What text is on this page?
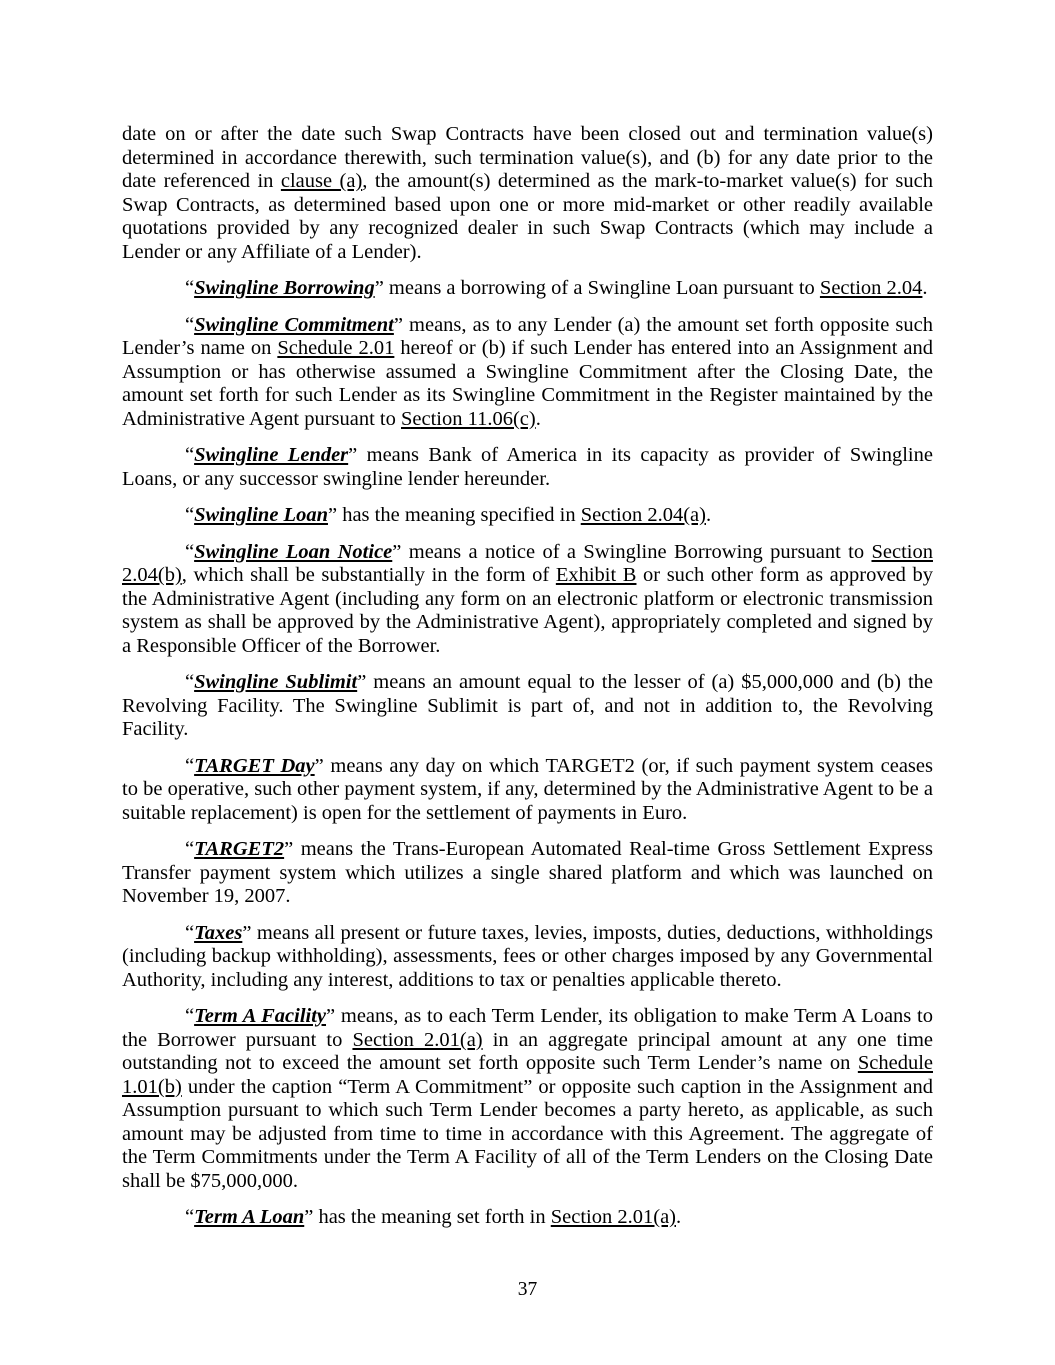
date on or after the date such Swap Contracts have been closed out and termination value(s) determined in accordance therewith, such termination value(s), and (b) for any date prior to the date referenced in clause (a), the amount(s) determined as the mark-to-market value(s) for such Swap Contracts, as determined based upon one or more mid-market or other readily available quotations provided by any recognized dealer in such Swap Contracts (which may include a Lender or any Affiliate of a Lender).

“Swingline Borrowing” means a borrowing of a Swingline Loan pursuant to Section 2.04.

“Swingline Commitment” means, as to any Lender (a) the amount set forth opposite such Lender’s name on Schedule 2.01 hereof or (b) if such Lender has entered into an Assignment and Assumption or has otherwise assumed a Swingline Commitment after the Closing Date, the amount set forth for such Lender as its Swingline Commitment in the Register maintained by the Administrative Agent pursuant to Section 11.06(c).

“Swingline Lender” means Bank of America in its capacity as provider of Swingline Loans, or any successor swingline lender hereunder.

“Swingline Loan” has the meaning specified in Section 2.04(a).

“Swingline Loan Notice” means a notice of a Swingline Borrowing pursuant to Section 2.04(b), which shall be substantially in the form of Exhibit B or such other form as approved by the Administrative Agent (including any form on an electronic platform or electronic transmission system as shall be approved by the Administrative Agent), appropriately completed and signed by a Responsible Officer of the Borrower.

“Swingline Sublimit” means an amount equal to the lesser of (a) $5,000,000 and (b) the Revolving Facility. The Swingline Sublimit is part of, and not in addition to, the Revolving Facility.

“TARGET Day” means any day on which TARGET2 (or, if such payment system ceases to be operative, such other payment system, if any, determined by the Administrative Agent to be a suitable replacement) is open for the settlement of payments in Euro.

“TARGET2” means the Trans-European Automated Real-time Gross Settlement Express Transfer payment system which utilizes a single shared platform and which was launched on November 19, 2007.

“Taxes” means all present or future taxes, levies, imposts, duties, deductions, withholdings (including backup withholding), assessments, fees or other charges imposed by any Governmental Authority, including any interest, additions to tax or penalties applicable thereto.

“Term A Facility” means, as to each Term Lender, its obligation to make Term A Loans to the Borrower pursuant to Section 2.01(a) in an aggregate principal amount at any one time outstanding not to exceed the amount set forth opposite such Term Lender’s name on Schedule 1.01(b) under the caption “Term A Commitment” or opposite such caption in the Assignment and Assumption pursuant to which such Term Lender becomes a party hereto, as applicable, as such amount may be adjusted from time to time in accordance with this Agreement. The aggregate of the Term Commitments under the Term A Facility of all of the Term Lenders on the Closing Date shall be $75,000,000.

“Term A Loan” has the meaning set forth in Section 2.01(a).

37
